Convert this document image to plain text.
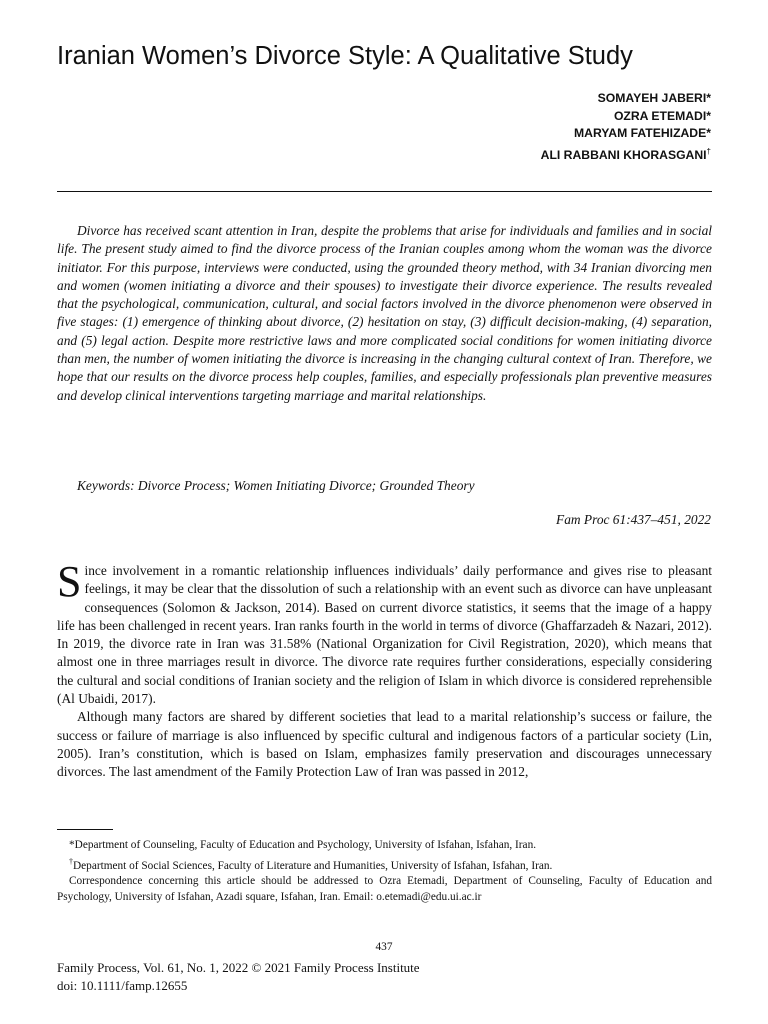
Iranian Women’s Divorce Style: A Qualitative Study
SOMAYEH JABERI*
OZRA ETEMADI*
MARYAM FATEHIZADE*
ALI RABBANI KHORASGANI†

Divorce has received scant attention in Iran, despite the problems that arise for individuals and families and in social life. The present study aimed to find the divorce process of the Iranian couples among whom the woman was the divorce initiator. For this purpose, interviews were conducted, using the grounded theory method, with 34 Iranian divorcing men and women (women initiating a divorce and their spouses) to investigate their divorce experience. The results revealed that the psychological, communication, cultural, and social factors involved in the divorce phenomenon were observed in five stages: (1) emergence of thinking about divorce, (2) hesitation on stay, (3) difficult decision-making, (4) separation, and (5) legal action. Despite more restrictive laws and more complicated social conditions for women initiating divorce than men, the number of women initiating the divorce is increasing in the changing cultural context of Iran. Therefore, we hope that our results on the divorce process help couples, families, and especially professionals plan preventive measures and develop clinical interventions targeting marriage and marital relationships.

Keywords: Divorce Process; Women Initiating Divorce; Grounded Theory

Fam Proc 61:437–451, 2022

Since involvement in a romantic relationship influences individuals’ daily performance and gives rise to pleasant feelings, it may be clear that the dissolution of such a relationship with an event such as divorce can have unpleasant consequences (Solomon & Jackson, 2014). Based on current divorce statistics, it seems that the image of a happy life has been challenged in recent years. Iran ranks fourth in the world in terms of divorce (Ghaffarzadeh & Nazari, 2012). In 2019, the divorce rate in Iran was 31.58% (National Organization for Civil Registration, 2020), which means that almost one in three marriages result in divorce. The divorce rate requires further considerations, especially considering the cultural and social conditions of Iranian society and the religion of Islam in which divorce is considered reprehensible (Al Ubaidi, 2017).

Although many factors are shared by different societies that lead to a marital relationship’s success or failure, the success or failure of marriage is also influenced by specific cultural and indigenous factors of a particular society (Lin, 2005). Iran’s constitution, which is based on Islam, emphasizes family preservation and discourages unnecessary divorces. The last amendment of the Family Protection Law of Iran was passed in 2012,

*Department of Counseling, Faculty of Education and Psychology, University of Isfahan, Isfahan, Iran.

†Department of Social Sciences, Faculty of Literature and Humanities, University of Isfahan, Isfahan, Iran.

Correspondence concerning this article should be addressed to Ozra Etemadi, Department of Counseling, Faculty of Education and Psychology, University of Isfahan, Azadi square, Isfahan, Iran. Email: o.etemadi@edu.ui.ac.ir

437
Family Process, Vol. 61, No. 1, 2022 © 2021 Family Process Institute
doi: 10.1111/famp.12655
